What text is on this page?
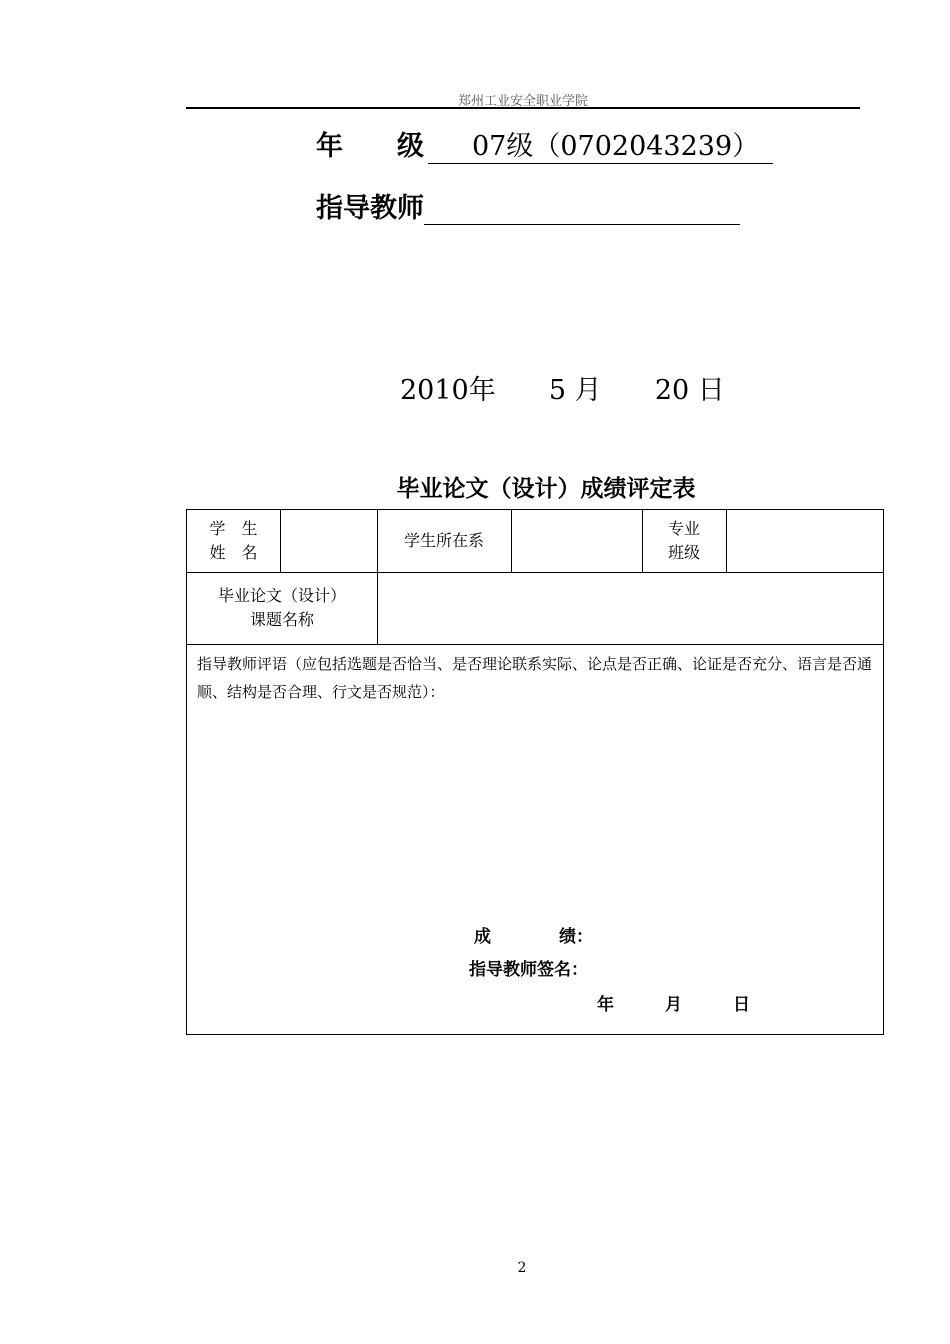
郑州工业安全职业学院
年　　级 07级（0702043239）
指导教师
2010年 5 月 20 日
毕业论文（设计）成绩评定表
学　生
姓　名
学生所在系
专业
班级
毕业论文（设计）
课题名称
指导教师评语（应包括选题是否恰当、是否理论联系实际、论点是否正确、论证是否充分、语言是否通顺、结构是否合理、行文是否规范）：
成　　　　绩：
指导教师签名：
年　　　月　　　日
2
